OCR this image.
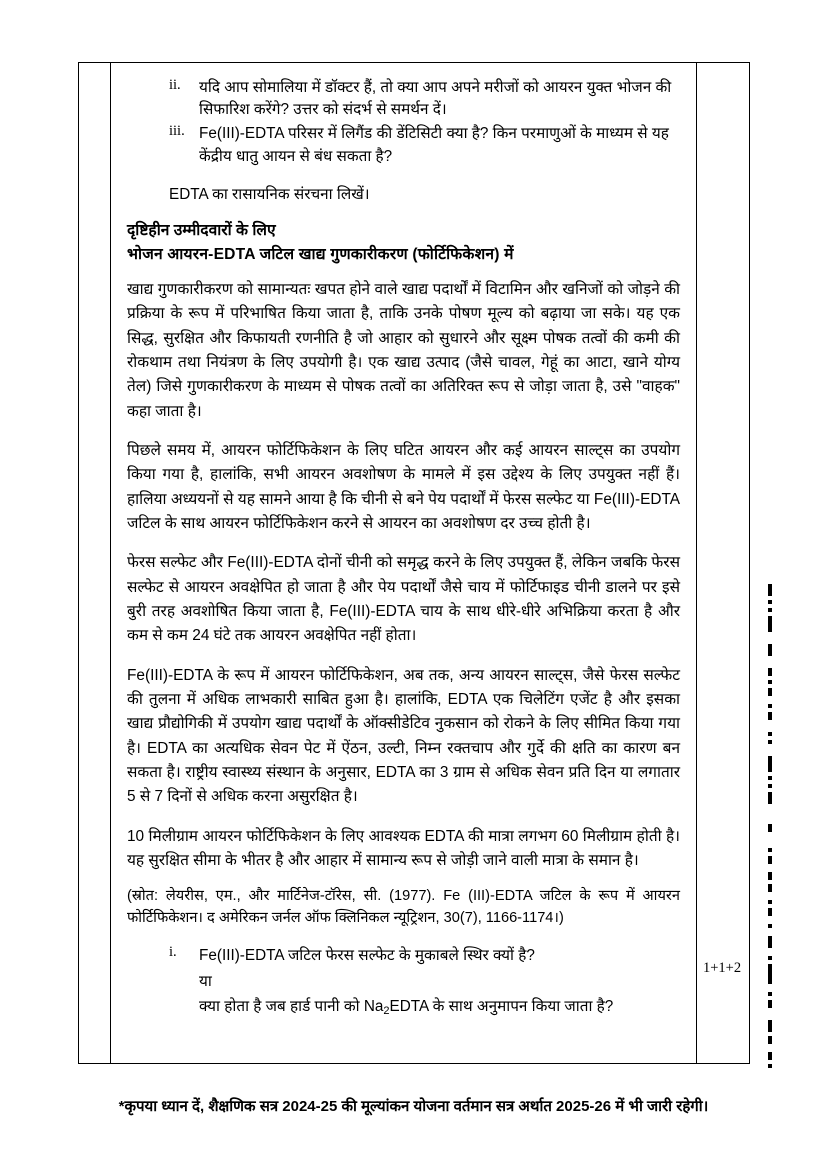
ii.	यदि आप सोमालिया में डॉक्टर हैं, तो क्या आप अपने मरीजों को आयरन युक्त भोजन की सिफारिश करेंगे? उत्तर को संदर्भ से समर्थन दें।
iii. Fe(III)-EDTA परिसर में लिगैंड की डेंटिसिटी क्या है? किन परमाणुओं के माध्यम से यह केंद्रीय धातु आयन से बंध सकता है?
EDTA का रासायनिक संरचना लिखें।
दृष्टिहीन उम्मीदवारों के लिए
भोजन आयरन-EDTA जटिल खाद्य गुणकारीकरण (फोर्टिफिकेशन) में

खाद्य गुणकारीकरण को सामान्यतः खपत होने वाले खाद्य पदार्थों में विटामिन और खनिजों को जोड़ने की प्रक्रिया के रूप में परिभाषित किया जाता है, ताकि उनके पोषण मूल्य को बढ़ाया जा सके। यह एक सिद्ध, सुरक्षित और किफायती रणनीति है जो आहार को सुधारने और सूक्ष्म पोषक तत्वों की कमी की रोकथाम तथा नियंत्रण के लिए उपयोगी है। एक खाद्य उत्पाद (जैसे चावल, गेहूं का आटा, खाने योग्य तेल) जिसे गुणकारीकरण के माध्यम से पोषक तत्वों का अतिरिक्त रूप से जोड़ा जाता है, उसे "वाहक" कहा जाता है।

पिछले समय में, आयरन फोर्टिफिकेशन के लिए घटित आयरन और कई आयरन साल्ट्स का उपयोग किया गया है, हालांकि, सभी आयरन अवशोषण के मामले में इस उद्देश्य के लिए उपयुक्त नहीं हैं। हालिया अध्ययनों से यह सामने आया है कि चीनी से बने पेय पदार्थों में फेरस सल्फेट या Fe(III)-EDTA जटिल के साथ आयरन फोर्टिफिकेशन करने से आयरन का अवशोषण दर उच्च होती है।

फेरस सल्फेट और Fe(III)-EDTA दोनों चीनी को समृद्ध करने के लिए उपयुक्त हैं, लेकिन जबकि फेरस सल्फेट से आयरन अवक्षेपित हो जाता है और पेय पदार्थों जैसे चाय में फोर्टिफाइड चीनी डालने पर इसे बुरी तरह अवशोषित किया जाता है, Fe(III)-EDTA चाय के साथ धीरे-धीरे अभिक्रिया करता है और कम से कम 24 घंटे तक आयरन अवक्षेपित नहीं होता।

Fe(III)-EDTA के रूप में आयरन फोर्टिफिकेशन, अब तक, अन्य आयरन साल्ट्स, जैसे फेरस सल्फेट की तुलना में अधिक लाभकारी साबित हुआ है। हालांकि, EDTA एक चिलेटिंग एजेंट है और इसका खाद्य प्रौद्योगिकी में उपयोग खाद्य पदार्थों के ऑक्सीडेटिव नुकसान को रोकने के लिए सीमित किया गया है। EDTA का अत्यधिक सेवन पेट में ऐंठन, उल्टी, निम्न रक्तचाप और गुर्दे की क्षति का कारण बन सकता है। राष्ट्रीय स्वास्थ्य संस्थान के अनुसार, EDTA का 3 ग्राम से अधिक सेवन प्रति दिन या लगातार 5 से 7 दिनों से अधिक करना असुरक्षित है।

10 मिलीग्राम आयरन फोर्टिफिकेशन के लिए आवश्यक EDTA की मात्रा लगभग 60 मिलीग्राम होती है। यह सुरक्षित सीमा के भीतर है और आहार में सामान्य रूप से जोड़ी जाने वाली मात्रा के समान है।

(स्रोत: लेयरीस, एम., और मार्टिनेज-टॉरेस, सी. (1977). Fe (III)-EDTA जटिल के रूप में आयरन फोर्टिफिकेशन। द अमेरिकन जर्नल ऑफ क्लिनिकल न्यूट्रिशन, 30(7), 1166-1174।)

i.	Fe(III)-EDTA जटिल फेरस सल्फेट के मुकाबले स्थिर क्यों है?
या
क्या होता है जब हार्ड पानी को $Na_2EDTA$ के साथ अनुमापन किया जाता है?
1+1+2
*कृपया ध्यान दें, शैक्षणिक सत्र 2024-25 की मूल्यांकन योजना वर्तमान सत्र अर्थात 2025-26 में भी जारी रहेगी।
